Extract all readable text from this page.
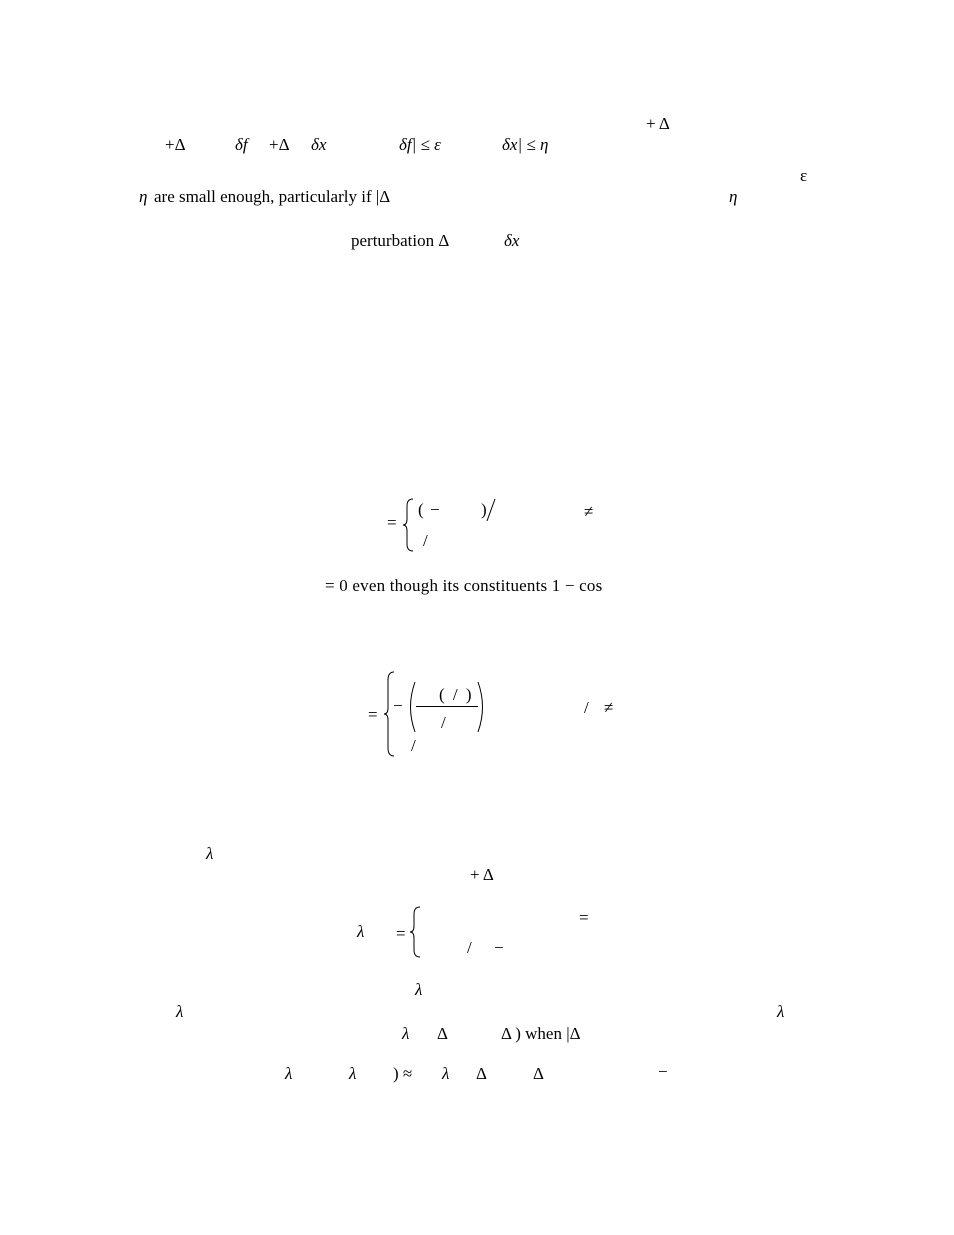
+ Δ
+Δ	δf +Δ δx	δf| ≤ ε	δx| ≤ η
ε
η are small enough, particularly if |Δ	η
perturbation Δ	δx
=
( − )	≠
/
= 0 even though its constituents 1 − cos
= −
( / )
/
/ ≠
/
λ
+ Δ
λ =
=
/ −
λ
λ	λ
λ Δ	Δ ) when |Δ
λ	λ ) ≈ λ Δ	Δ	−
